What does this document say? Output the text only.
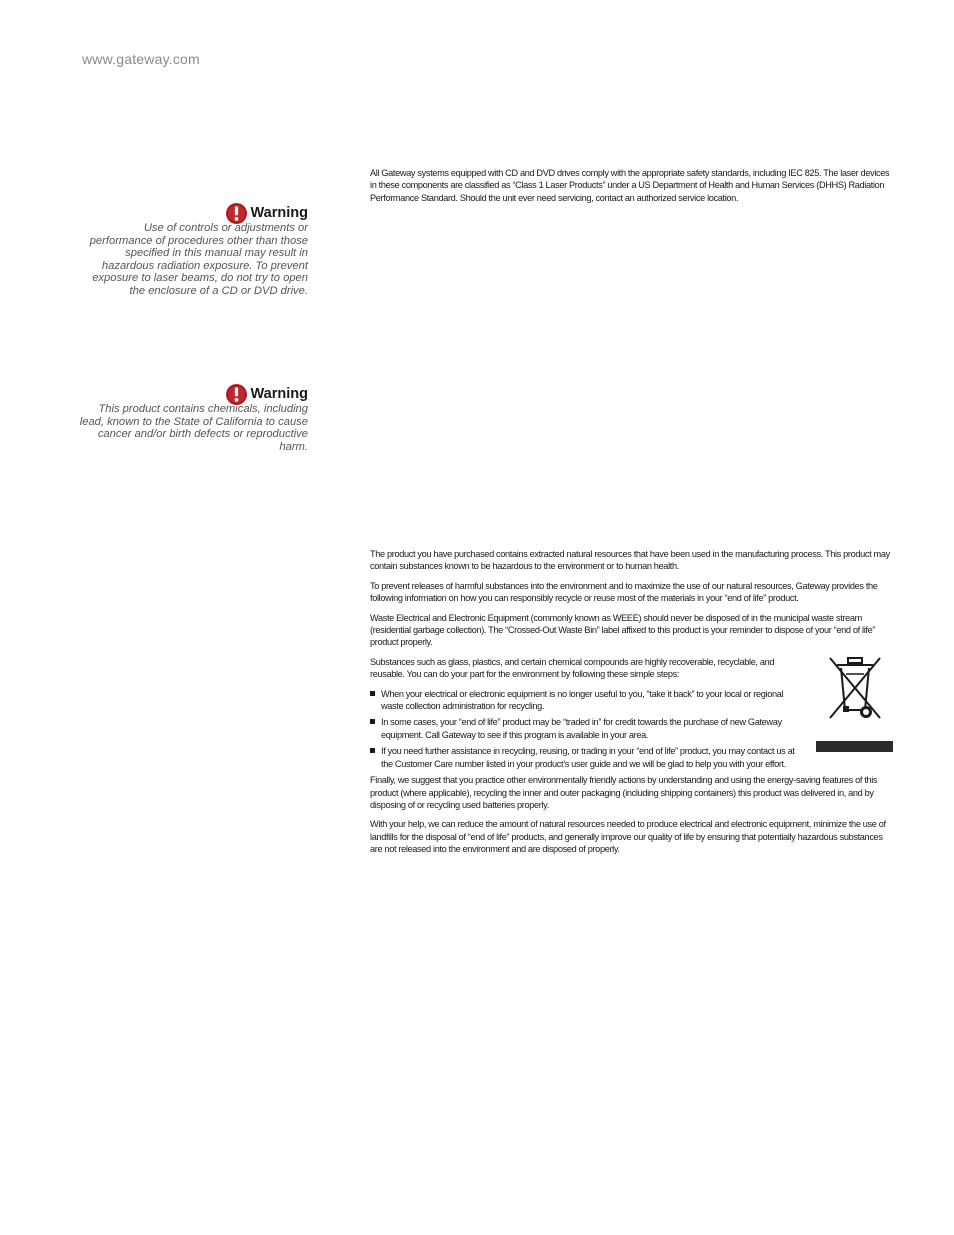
www.gateway.com
Warning
Use of controls or adjustments or performance of procedures other than those specified in this manual may result in hazardous radiation exposure. To prevent exposure to laser beams, do not try to open the enclosure of a CD or DVD drive.
Warning
This product contains chemicals, including lead, known to the State of California to cause cancer and/or birth defects or reproductive harm.

All Gateway systems equipped with CD and DVD drives comply with the appropriate safety standards, including IEC 825. The laser devices in these components are classified as “Class 1 Laser Products” under a US Department of Health and Human Services (DHHS) Radiation Performance Standard. Should the unit ever need servicing, contact an authorized service location.

The product you have purchased contains extracted natural resources that have been used in the manufacturing process. This product may contain substances known to be hazardous to the environment or to human health.

To prevent releases of harmful substances into the environment and to maximize the use of our natural resources, Gateway provides the following information on how you can responsibly recycle or reuse most of the materials in your “end of life” product.

Waste Electrical and Electronic Equipment (commonly known as WEEE) should never be disposed of in the municipal waste stream (residential garbage collection). The “Crossed-Out Waste Bin” label affixed to this product is your reminder to dispose of your “end of life” product properly.

Substances such as glass, plastics, and certain chemical compounds are highly recoverable, recyclable, and reusable. You can do your part for the environment by following these simple steps:

When your electrical or electronic equipment is no longer useful to you, “take it back” to your local or regional waste collection administration for recycling.
In some cases, your “end of life” product may be “traded in” for credit towards the purchase of new Gateway equipment. Call Gateway to see if this program is available in your area.
If you need further assistance in recycling, reusing, or trading in your “end of life” product, you may contact us at the Customer Care number listed in your product’s user guide and we will be glad to help you with your effort.

Finally, we suggest that you practice other environmentally friendly actions by understanding and using the energy-saving features of this product (where applicable), recycling the inner and outer packaging (including shipping containers) this product was delivered in, and by disposing of or recycling used batteries properly.

With your help, we can reduce the amount of natural resources needed to produce electrical and electronic equipment, minimize the use of landfills for the disposal of “end of life” products, and generally improve our quality of life by ensuring that potentially hazardous substances are not released into the environment and are disposed of properly.
